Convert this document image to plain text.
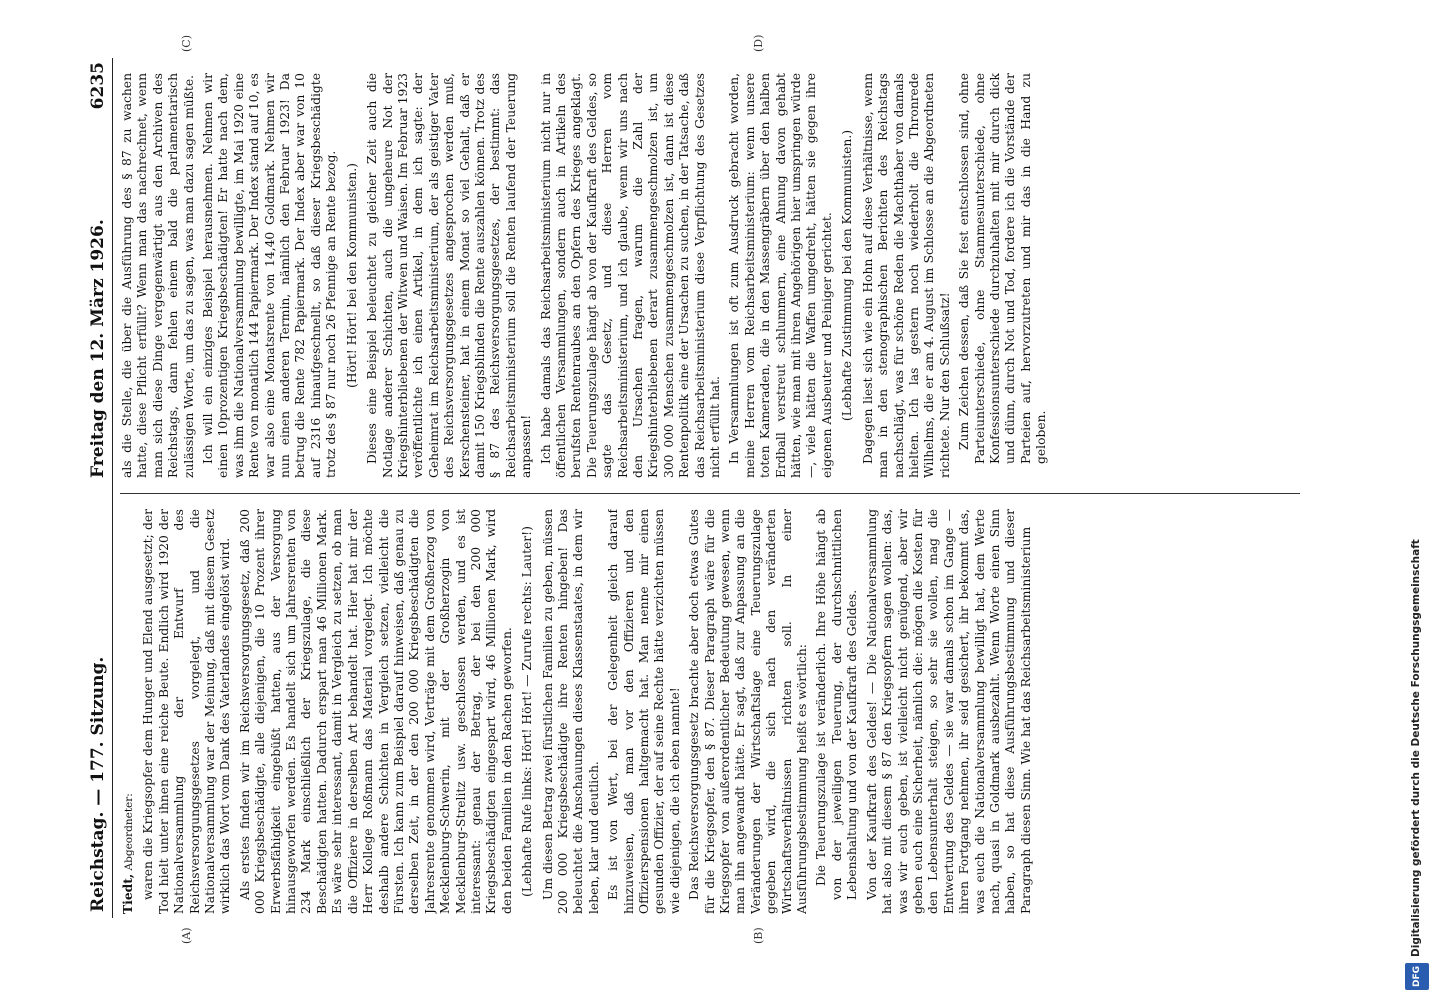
Reichstag. — 177. Sitzung.
Freitag den 12. März 1926.
6235
(A)	(B)
(C)	(D)

Tiedt, Abgeordneter: waren die Kriegsopfer dem Hunger und Elend ausgesetzt; der Tod hielt unter ihnen eine reiche Beute. Endlich wird 1920 der Nationalversammlung der Entwurf des Reichsversorgungsgesetzes vorgelegt, und die Nationalversammlung war der Meinung, daß mit diesem Gesetz wirklich das Wort vom Dank des Vaterlandes eingelöst wird. Als erstes finden wir im Reichsversorgungsgesetz, daß 200 000 Kriegsbeschädigte, alle diejenigen, die 10 Prozent ihrer Erwerbsfähigkeit eingebüßt hatten, aus der Versorgung hinausgeworfen werden. Es handelt sich um Jahresrenten von 234 Mark einschließlich der Kriegszulage, die diese Beschädigten hatten. Dadurch erspart man 46 Millionen Mark. Es wäre sehr interessant, damit in Vergleich zu setzen, ob man die Offiziere in derselben Art behandelt hat. Hier hat mir der Herr Kollege Roßmann das Material vorgelegt. Ich möchte deshalb andere Schichten in Vergleich setzen, vielleicht die Fürsten. Ich kann zum Beispiel darauf hinweisen, daß genau zu derselben Zeit, in der den 200 000 Kriegsbeschädigten die Jahresrente genommen wird, Verträge mit dem Großherzog von Mecklenburg-Schwerin, mit der Großherzogin von Mecklenburg-Strelitz usw. geschlossen werden, und es ist interessant: genau der Betrag, der bei den 200 000 Kriegsbeschädigten eingespart wird, 46 Millionen Mark, wird den beiden Familien in den Rachen geworfen. (Lebhafte Rufe links: Hört! Hört! — Zurufe rechts: Lauter!) Um diesen Betrag zwei fürstlichen Familien zu geben, müssen 200 000 Kriegsbeschädigte ihre Renten hingeben! Das beleuchtet die Anschauungen dieses Klassenstaates, in dem wir leben, klar und deutlich. Es ist von Wert, bei der Gelegenheit gleich darauf hinzuweisen, daß man vor den Offizieren und den Offizierspensionen haltgemacht hat. Man nenne mir einen gesunden Offizier, der auf seine Rechte hätte verzichten müssen wie diejenigen, die ich eben nannte! Das Reichsversorgungsgesetz brachte aber doch etwas Gutes für die Kriegsopfer, den § 87. Dieser Paragraph wäre für die Kriegsopfer von außerordentlicher Bedeutung gewesen, wenn man ihn angewandt hätte. Er sagt, daß zur Anpassung an die Veränderungen der Wirtschaftslage eine Teuerungszulage gegeben wird, die sich nach den veränderten Wirtschaftsverhältnissen richten soll. In einer Ausführungsbestimmung heißt es wörtlich: Die Teuerungszulage ist veränderlich. Ihre Höhe hängt ab von der jeweiligen Teuerung, der durchschnittlichen Lebenshaltung und von der Kaufkraft des Geldes. Von der Kaufkraft des Geldes! — Die Nationalversammlung hat also mit diesem § 87 den Kriegsopfern sagen wollen: das, was wir euch geben, ist vielleicht nicht genügend, aber wir geben euch eine Sicherheit, nämlich die: mögen die Kosten für den Lebensunterhalt steigen, so sehr sie wollen, mag die Entwertung des Geldes — sie war damals schon im Gange — ihren Fortgang nehmen, ihr seid gesichert, ihr bekommt das, was euch die Nationalversammlung bewilligt hat, dem Werte nach, quasi in Goldmark ausbezahlt. Wenn Worte einen Sinn haben, so hat diese Ausführungsbestimmung und dieser Paragraph diesen Sinn. Wie hat das Reichsarbeitsministerium

als die Stelle, die über die Ausführung des § 87 zu wachen hatte, diese Pflicht erfüllt? Wenn man das nachrechnet, wenn man sich diese Dinge vergegenwärtigt aus den Archiven des Reichstags, dann fehlen einem bald die parlamentarisch zulässigen Worte, um das zu sagen, was man dazu sagen müßte. Ich will ein einziges Beispiel herausnehmen. Nehmen wir einen 10prozentigen Kriegsbeschädigten! Er hatte nach dem, was ihm die Nationalversammlung bewilligte, im Mai 1920 eine Rente von monatlich 144 Papiermark. Der Index stand auf 10, es war also eine Monatsrente von 14,40 Goldmark. Nehmen wir nun einen anderen Termin, nämlich den Februar 1923! Da betrug die Rente 782 Papiermark. Der Index aber war von 10 auf 2316 hinaufgeschnellt, so daß dieser Kriegsbeschädigte trotz des § 87 nur noch 26 Pfennige an Rente bezog. (Hört! Hört! bei den Kommunisten.) Dieses eine Beispiel beleuchtet zu gleicher Zeit auch die Notlage anderer Schichten, auch die ungeheure Not der Kriegshinterbliebenen der Witwen und Waisen. Im Februar 1923 veröffentlichte ich einen Artikel, in dem ich sagte: der Geheimrat im Reichsarbeitsministerium, der als geistiger Vater des Reichsversorgungsgesetzes angesprochen werden muß, Kerschensteiner, hat in einem Monat so viel Gehalt, daß er damit 150 Kriegsblinden die Rente auszahlen können. Trotz des § 87 des Reichsversorgungsgesetzes, der bestimmt: das Reichsarbeitsministerium soll die Renten laufend der Teuerung anpassen! Ich habe damals das Reichsarbeitsministerium nicht nur in öffentlichen Versammlungen, sondern auch in Artikeln des berufsten Rentenraubes an den Opfern des Krieges angeklagt. Die Teuerungszulage hängt ab von der Kaufkraft des Geldes, so sagte das Gesetz, und diese Herren vom Reichsarbeitsministerium, und ich glaube, wenn wir uns nach den Ursachen fragen, warum die Zahl der Kriegshinterbliebenen derart zusammengeschmolzen ist, um 300 000 Menschen zusammengeschmolzen ist, dann ist diese Rentenpolitik eine der Ursachen zu suchen, in der Tatsache, daß das Reichsarbeitsministerium diese Verpflichtung des Gesetzes nicht erfüllt hat. In Versammlungen ist oft zum Ausdruck gebracht worden, meine Herren vom Reichsarbeitsministerium: wenn unsere toten Kameraden, die in den Massengräbern über den halben Erdball verstreut schlummern, eine Ahnung davon gehabt hätten, wie man mit ihren Angehörigen hier umspringen würde —, viele hätten die Waffen umgedreht, hätten sie gegen ihre eigenen Ausbeuter und Peiniger gerichtet. (Lebhafte Zustimmung bei den Kommunisten.) Dagegen liest sich wie ein Hohn auf diese Verhältnisse, wenn man in den stenographischen Berichten des Reichstags nachschlägt, was für schöne Reden die Machthaber von damals hielten. Ich las gestern noch wiederholt die Thronrede Wilhelms, die er am 4. August im Schlosse an die Abgeordneten richtete. Nur den Schlußsatz! Zum Zeichen dessen, daß Sie fest entschlossen sind, ohne Parteiunterschiede, ohne Stammesunterschiede, ohne Konfessionsunterschiede durchzuhalten mit mir durch dick und dünn, durch Not und Tod, fordere ich die Vorstände der Parteien auf, hervorzutreten und mir das in die Hand zu geloben.

DFGDigitalisierung gefördert durch die Deutsche Forschungsgemeinschaft
